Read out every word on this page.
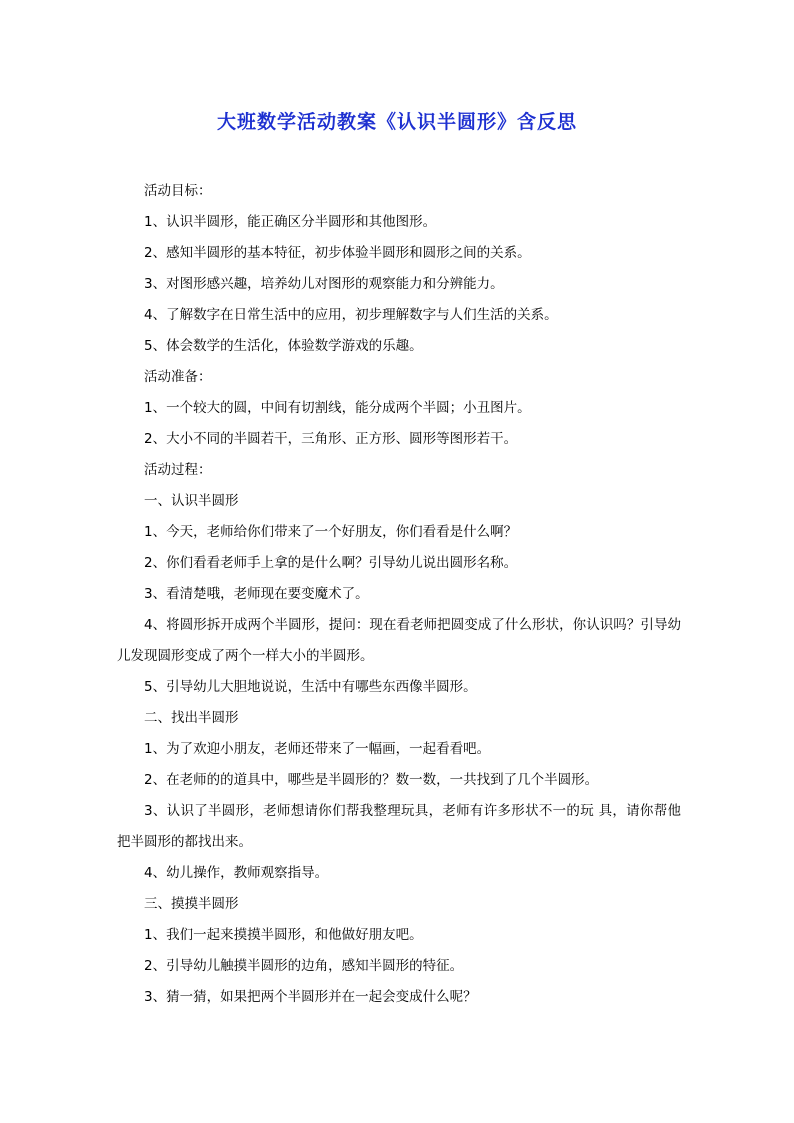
大班数学活动教案《认识半圆形》含反思

活动目标：

1、认识半圆形，能正确区分半圆形和其他图形。

2、感知半圆形的基本特征，初步体验半圆形和圆形之间的关系。

3、对图形感兴趣，培养幼儿对图形的观察能力和分辨能力。

4、了解数字在日常生活中的应用，初步理解数字与人们生活的关系。

5、体会数学的生活化，体验数学游戏的乐趣。

活动准备：

1、一个较大的圆，中间有切割线，能分成两个半圆；小丑图片。

2、大小不同的半圆若干，三角形、正方形、圆形等图形若干。

活动过程：

一、认识半圆形

1、今天，老师给你们带来了一个好朋友，你们看看是什么啊？

2、你们看看老师手上拿的是什么啊？引导幼儿说出圆形名称。

3、看清楚哦，老师现在要变魔术了。

4、将圆形拆开成两个半圆形，提问：现在看老师把圆变成了什么形状，你认识吗？引导幼儿发现圆形变成了两个一样大小的半圆形。

5、引导幼儿大胆地说说，生活中有哪些东西像半圆形。

二、找出半圆形

1、为了欢迎小朋友，老师还带来了一幅画，一起看看吧。

2、在老师的的道具中，哪些是半圆形的？数一数，一共找到了几个半圆形。

3、认识了半圆形，老师想请你们帮我整理玩具，老师有许多形状不一的玩 具，请你帮他把半圆形的都找出来。

4、幼儿操作，教师观察指导。

三、摸摸半圆形

1、我们一起来摸摸半圆形，和他做好朋友吧。

2、引导幼儿触摸半圆形的边角，感知半圆形的特征。

3、猜一猜，如果把两个半圆形并在一起会变成什么呢？
